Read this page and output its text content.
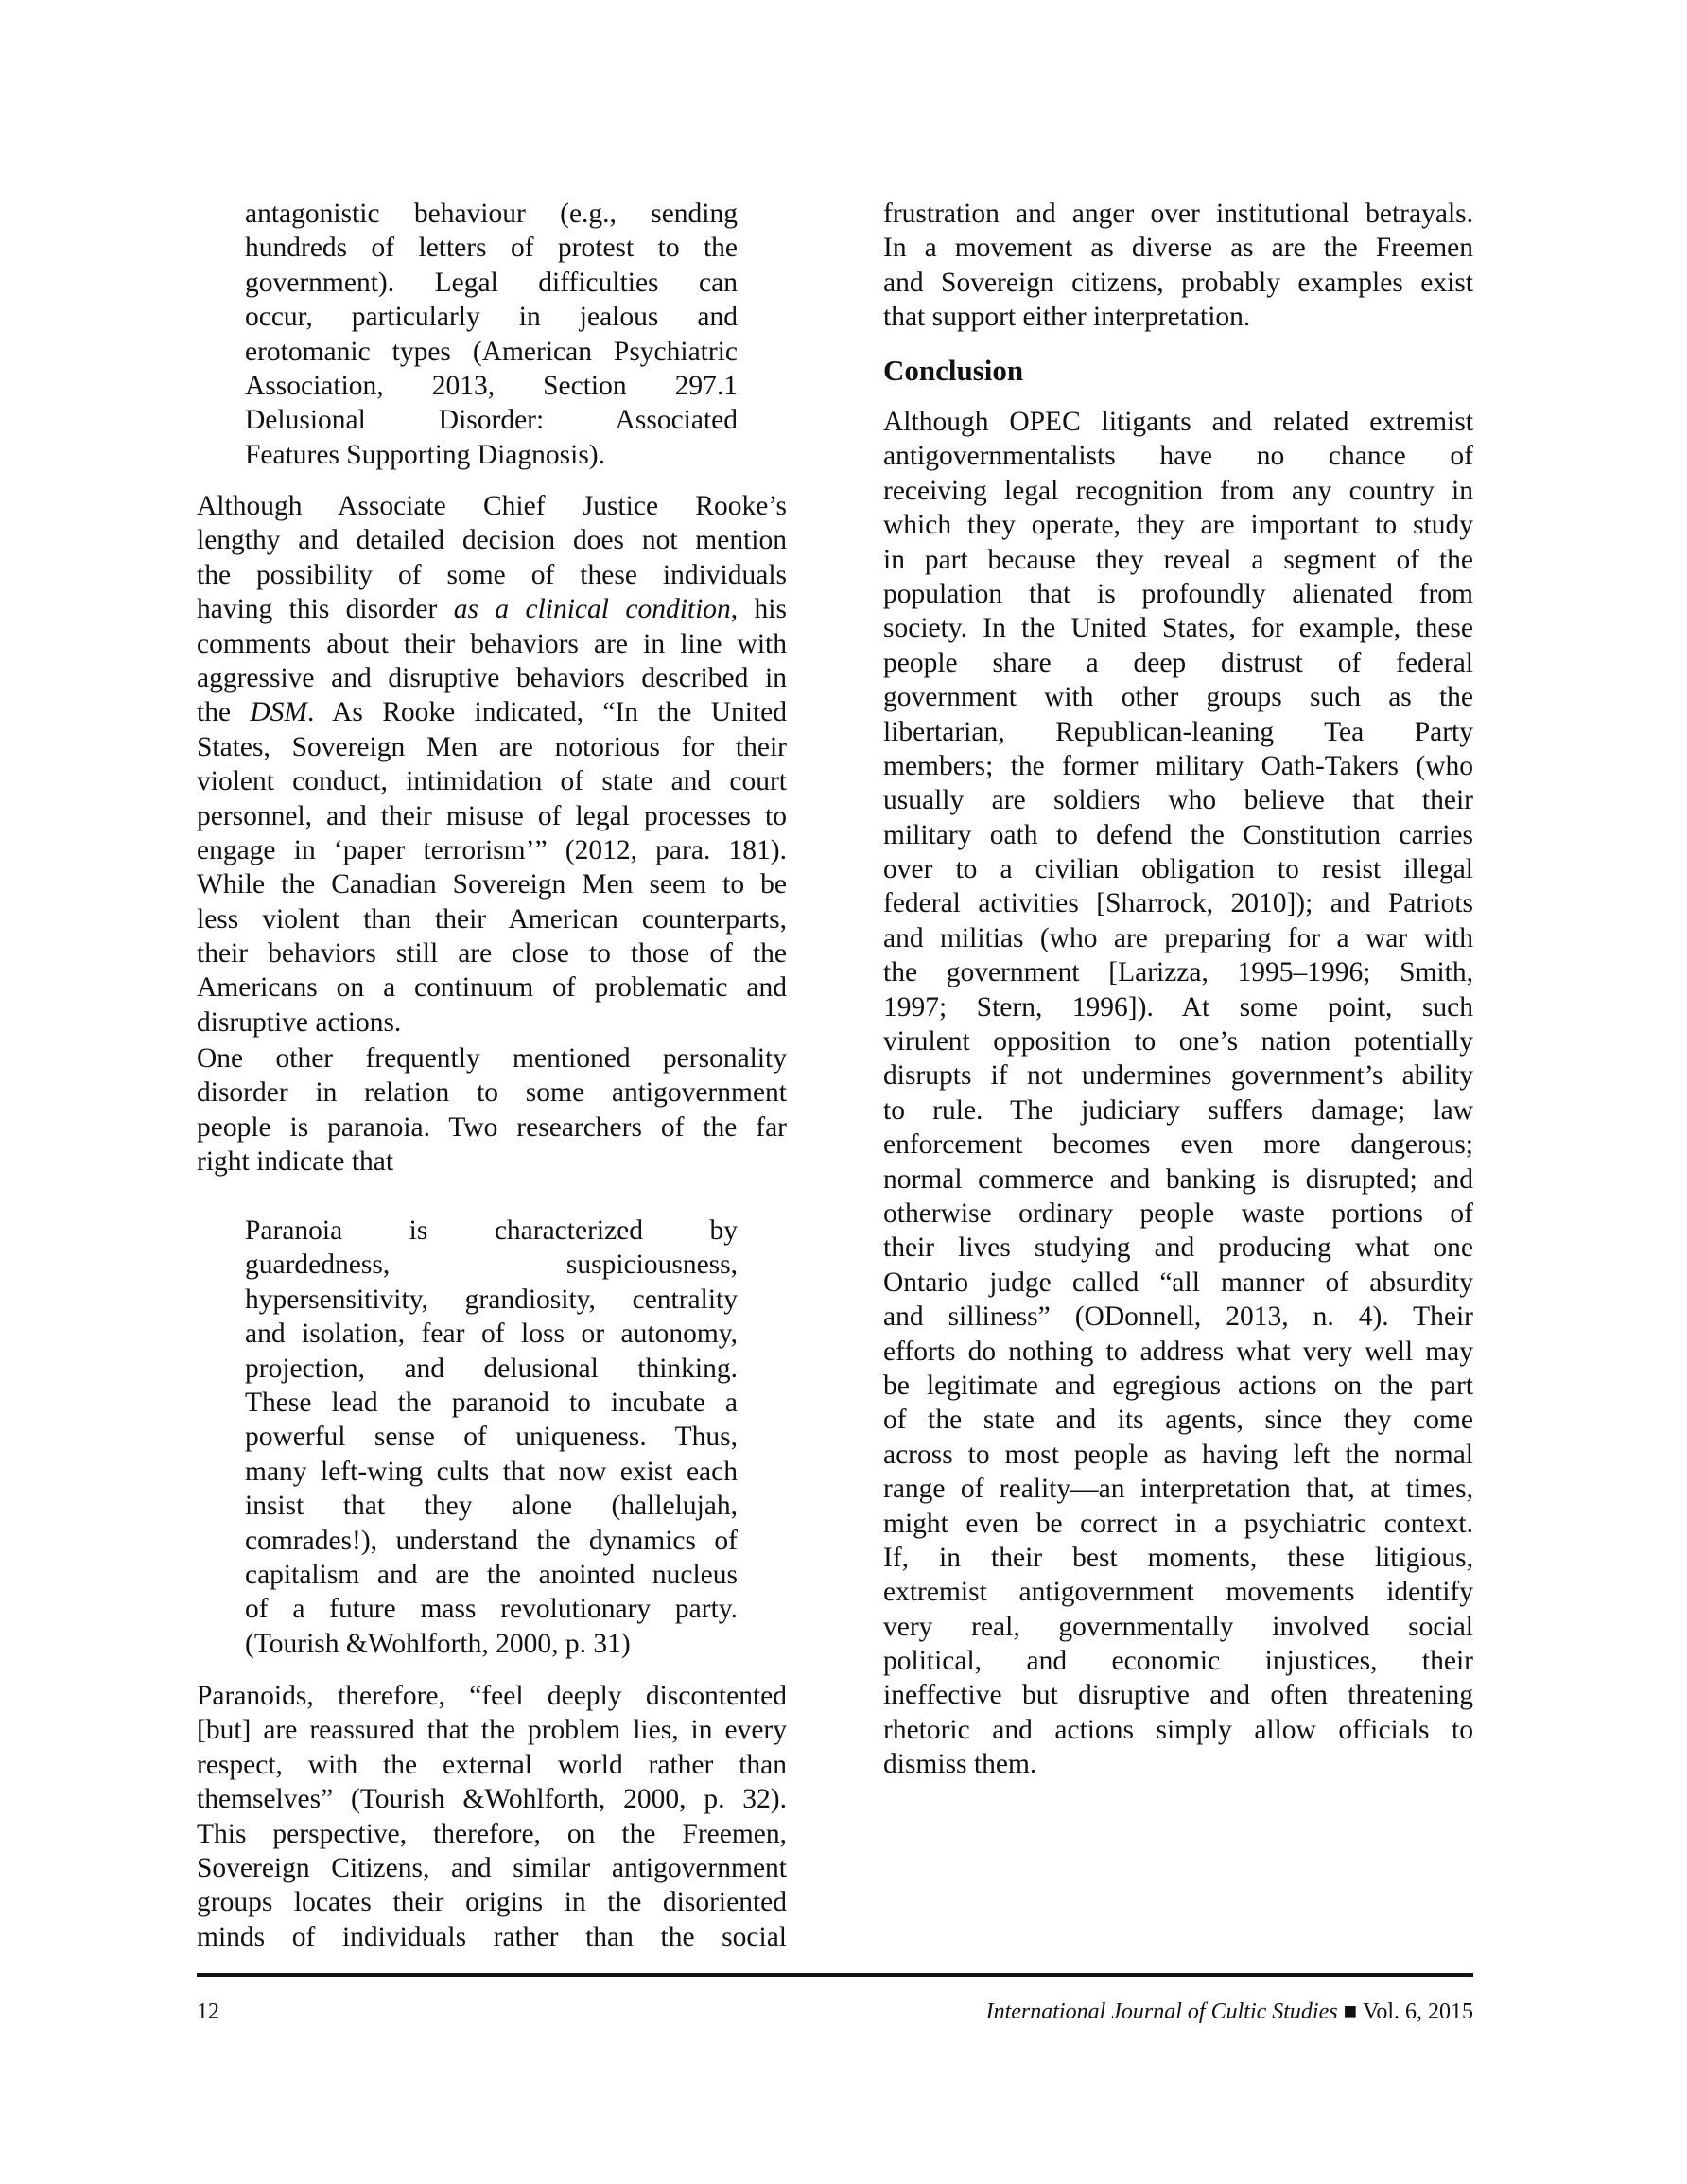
antagonistic behaviour (e.g., sending
hundreds of letters of protest to the
government). Legal difficulties can
occur, particularly in jealous and
erotomanic types (American Psychiatric
Association, 2013, Section 297.1
Delusional Disorder: Associated
Features Supporting Diagnosis).
Although Associate Chief Justice Rooke’s
lengthy and detailed decision does not mention
the possibility of some of these individuals
having this disorder as a clinical condition, his
comments about their behaviors are in line with
aggressive and disruptive behaviors described in
the DSM. As Rooke indicated, “In the United
States, Sovereign Men are notorious for their
violent conduct, intimidation of state and court
personnel, and their misuse of legal processes to
engage in ‘paper terrorism’” (2012, para. 181).
While the Canadian Sovereign Men seem to be
less violent than their American counterparts,
their behaviors still are close to those of the
Americans on a continuum of problematic and
disruptive actions.
One other frequently mentioned personality
disorder in relation to some antigovernment
people is paranoia. Two researchers of the far
right indicate that
Paranoia is characterized by
guardedness, suspiciousness,
hypersensitivity, grandiosity, centrality
and isolation, fear of loss or autonomy,
projection, and delusional thinking.
These lead the paranoid to incubate a
powerful sense of uniqueness. Thus,
many left-wing cults that now exist each
insist that they alone (hallelujah,
comrades!), understand the dynamics of
capitalism and are the anointed nucleus
of a future mass revolutionary party.
(Tourish &Wohlforth, 2000, p. 31)
Paranoids, therefore, “feel deeply discontented
[but] are reassured that the problem lies, in every
respect, with the external world rather than
themselves” (Tourish &Wohlforth, 2000, p. 32).
This perspective, therefore, on the Freemen,
Sovereign Citizens, and similar antigovernment
groups locates their origins in the disoriented
minds of individuals rather than the social
frustration and anger over institutional betrayals.
In a movement as diverse as are the Freemen
and Sovereign citizens, probably examples exist
that support either interpretation.
Conclusion
Although OPEC litigants and related extremist
antigovernmentalists have no chance of
receiving legal recognition from any country in
which they operate, they are important to study
in part because they reveal a segment of the
population that is profoundly alienated from
society. In the United States, for example, these
people share a deep distrust of federal
government with other groups such as the
libertarian, Republican-leaning Tea Party
members; the former military Oath-Takers (who
usually are soldiers who believe that their
military oath to defend the Constitution carries
over to a civilian obligation to resist illegal
federal activities [Sharrock, 2010]); and Patriots
and militias (who are preparing for a war with
the government [Larizza, 1995–1996; Smith,
1997; Stern, 1996]). At some point, such
virulent opposition to one’s nation potentially
disrupts if not undermines government’s ability
to rule. The judiciary suffers damage; law
enforcement becomes even more dangerous;
normal commerce and banking is disrupted; and
otherwise ordinary people waste portions of
their lives studying and producing what one
Ontario judge called “all manner of absurdity
and silliness” (ODonnell, 2013, n. 4). Their
efforts do nothing to address what very well may
be legitimate and egregious actions on the part
of the state and its agents, since they come
across to most people as having left the normal
range of reality—an interpretation that, at times,
might even be correct in a psychiatric context.
If, in their best moments, these litigious,
extremist antigovernment movements identify
very real, governmentally involved social
political, and economic injustices, their
ineffective but disruptive and often threatening
rhetoric and actions simply allow officials to
dismiss them.
12	International Journal of Cultic Studies ■ Vol. 6, 2015
